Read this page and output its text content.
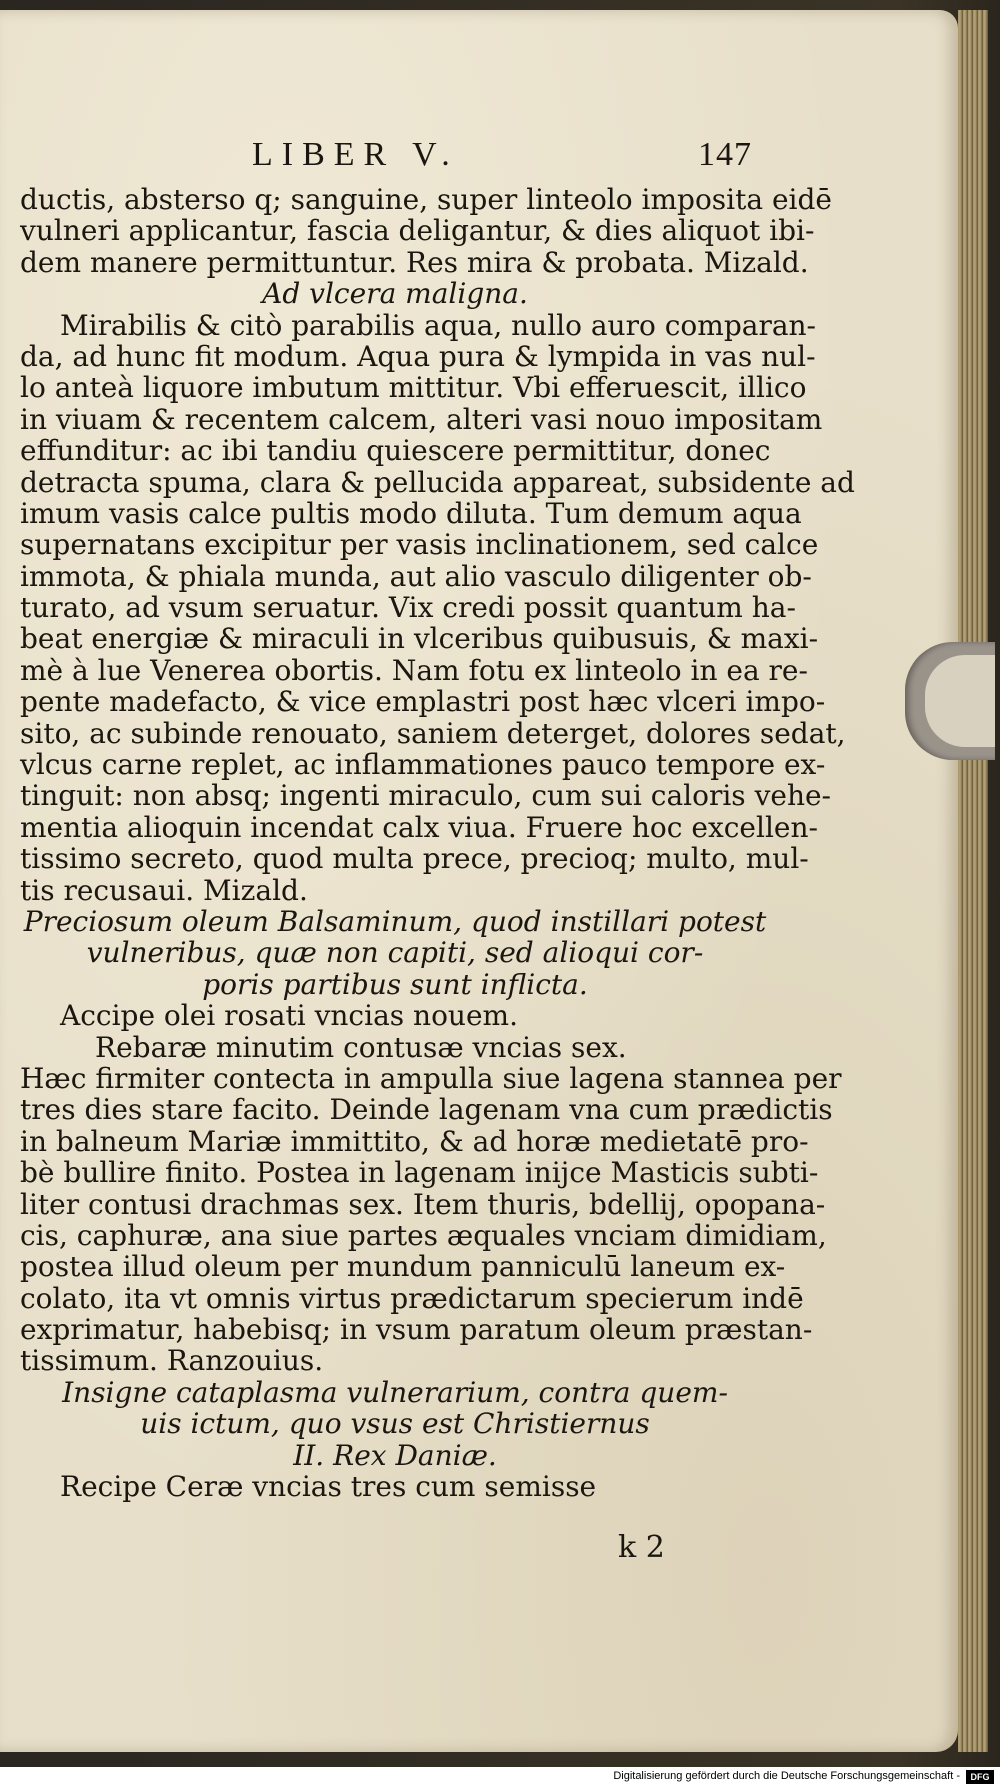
LIBER V.	147
ductis, absterso q; sanguine, super linteolo imposita eidē
vulneri applicantur, fascia deligantur, & dies aliquot ibi-
dem manere permittuntur. Res mira & probata. Mizald.
Ad vlcera maligna.
Mirabilis & citò parabilis aqua, nullo auro comparan-
da, ad hunc fit modum. Aqua pura & lympida in vas nul-
lo anteà liquore imbutum mittitur. Vbi efferuescit, illico
in viuam & recentem calcem, alteri vasi nouo impositam
effunditur: ac ibi tandiu quiescere permittitur, donec
detracta spuma, clara & pellucida appareat, subsidente ad
imum vasis calce pultis modo diluta. Tum demum aqua
supernatans excipitur per vasis inclinationem, sed calce
immota, & phiala munda, aut alio vasculo diligenter ob-
turato, ad vsum seruatur. Vix credi possit quantum ha-
beat energiæ & miraculi in vlceribus quibusuis, & maxi-
mè à lue Venerea obortis. Nam fotu ex linteolo in ea re-
pente madefacto, & vice emplastri post hæc vlceri impo-
sito, ac subinde renouato, saniem deterget, dolores sedat,
vlcus carne replet, ac inflammationes pauco tempore ex-
tinguit: non absq; ingenti miraculo, cum sui caloris vehe-
mentia alioquin incendat calx viua. Fruere hoc excellen-
tissimo secreto, quod multa prece, precioq; multo, mul-
tis recusaui. Mizald.
Preciosum oleum Balsaminum, quod instillari potest
vulneribus, quæ non capiti, sed alioqui cor-
poris partibus sunt inflicta.
Accipe olei rosati vncias nouem.
Rebaræ minutim contusæ vncias sex.
Hæc firmiter contecta in ampulla siue lagena stannea per
tres dies stare facito. Deinde lagenam vna cum prædictis
in balneum Mariæ immittito, & ad horæ medietatē pro-
bè bullire finito. Postea in lagenam inijce Masticis subti-
liter contusi drachmas sex. Item thuris, bdellij, opopana-
cis, caphuræ, ana siue partes æquales vnciam dimidiam,
postea illud oleum per mundum panniculū laneum ex-
colato, ita vt omnis virtus prædictarum specierum indē
exprimatur, habebisq; in vsum paratum oleum præstan-
tissimum. Ranzouius.
Insigne cataplasma vulnerarium, contra quem-
uis ictum, quo vsus est Christiernus
II. Rex Daniæ.
Recipe Ceræ vncias tres cum semisse
k 2
Digitalisierung gefördert durch die Deutsche Forschungsgemeinschaft -	DFG
